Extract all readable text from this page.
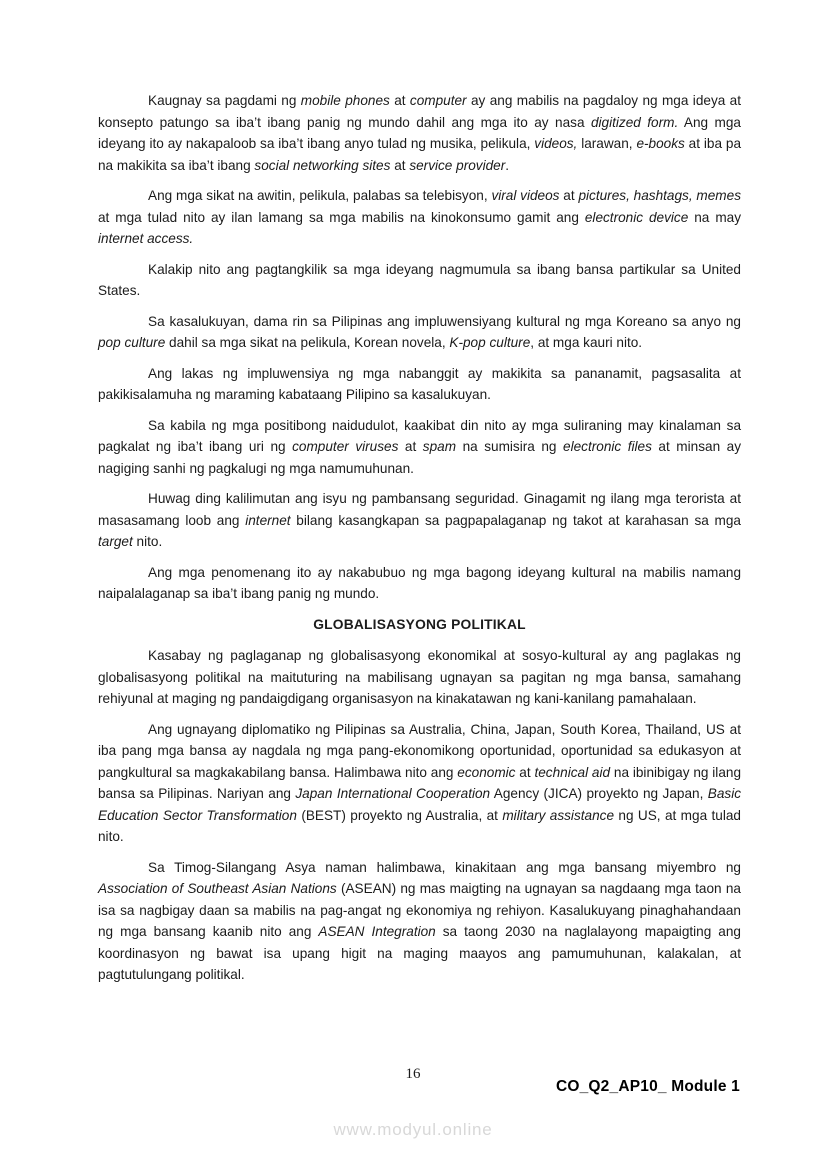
Kaugnay sa pagdami ng mobile phones at computer ay ang mabilis na pagdaloy ng mga ideya at konsepto patungo sa iba’t ibang panig ng mundo dahil ang mga ito ay nasa digitized form. Ang mga ideyang ito ay nakapaloob sa iba’t ibang anyo tulad ng musika, pelikula, videos, larawan, e-books at iba pa na makikita sa iba’t ibang social networking sites at service provider.

Ang mga sikat na awitin, pelikula, palabas sa telebisyon, viral videos at pictures, hashtags, memes at mga tulad nito ay ilan lamang sa mga mabilis na kinokonsumo gamit ang electronic device na may internet access.

Kalakip nito ang pagtangkilik sa mga ideyang nagmumula sa ibang bansa partikular sa United States.

Sa kasalukuyan, dama rin sa Pilipinas ang impluwensiyang kultural ng mga Koreano sa anyo ng pop culture dahil sa mga sikat na pelikula, Korean novela, K-pop culture, at mga kauri nito.

Ang lakas ng impluwensiya ng mga nabanggit ay makikita sa pananamit, pagsasalita at pakikisalamuha ng maraming kabataang Pilipino sa kasalukuyan.

Sa kabila ng mga positibong naidudulot, kaakibat din nito ay mga suliraning may kinalaman sa pagkalat ng iba’t ibang uri ng computer viruses at spam na sumisira ng electronic files at minsan ay nagiging sanhi ng pagkalugi ng mga namumuhunan.

Huwag ding kalilimutan ang isyu ng pambansang seguridad. Ginagamit ng ilang mga terorista at masasamang loob ang internet bilang kasangkapan sa pagpapalaganap ng takot at karahasan sa mga target nito.

Ang mga penomenang ito ay nakabubuo ng mga bagong ideyang kultural na mabilis namang naipalalaganap sa iba’t ibang panig ng mundo.

GLOBALISASYONG POLITIKAL

Kasabay ng paglaganap ng globalisasyong ekonomikal at sosyo-kultural ay ang paglakas ng globalisasyong politikal na maituturing na mabilisang ugnayan sa pagitan ng mga bansa, samahang rehiyunal at maging ng pandaigdigang organisasyon na kinakatawan ng kani-kanilang pamahalaan.

Ang ugnayang diplomatiko ng Pilipinas sa Australia, China, Japan, South Korea, Thailand, US at iba pang mga bansa ay nagdala ng mga pang-ekonomikong oportunidad, oportunidad sa edukasyon at pangkultural sa magkakabilang bansa. Halimbawa nito ang economic at technical aid na ibinibigay ng ilang bansa sa Pilipinas. Nariyan ang Japan International Cooperation Agency (JICA) proyekto ng Japan, Basic Education Sector Transformation (BEST) proyekto ng Australia, at military assistance ng US, at mga tulad nito.

Sa Timog-Silangang Asya naman halimbawa, kinakitaan ang mga bansang miyembro ng Association of Southeast Asian Nations (ASEAN) ng mas maigting na ugnayan sa nagdaang mga taon na isa sa nagbigay daan sa mabilis na pag-angat ng ekonomiya ng rehiyon. Kasalukuyang pinaghahandaan ng mga bansang kaanib nito ang ASEAN Integration sa taong 2030 na naglalayong mapaigting ang koordinasyon ng bawat isa upang higit na maging maayos ang pamumuhunan, kalakalan, at pagtutulungang politikal.

16
CO_Q2_AP10_ Module 1
www.modyul.online
